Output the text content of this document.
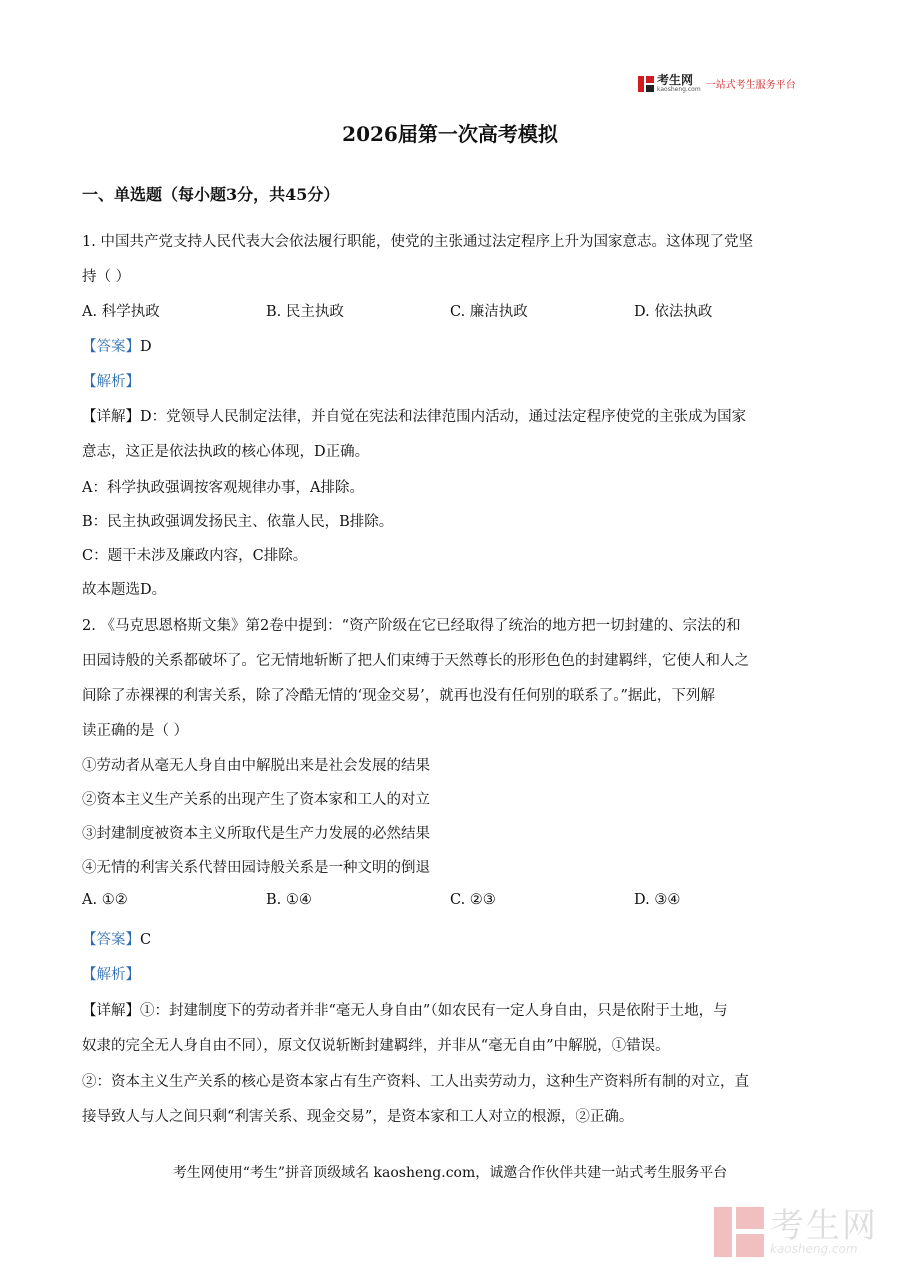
考生网
kaosheng.com 一站式考生服务平台
2026届第一次高考模拟
一、单选题（每小题3分，共45分）
1. 中国共产党支持人民代表大会依法履行职能，使党的主张通过法定程序上升为国家意志。这体现了党坚
持（ ）
A. 科学执政	B. 民主执政	C. 廉洁执政	D. 依法执政
【答案】D
【解析】
【详解】D：党领导人民制定法律，并自觉在宪法和法律范围内活动，通过法定程序使党的主张成为国家
意志，这正是依法执政的核心体现，D正确。
A：科学执政强调按客观规律办事，A排除。
B：民主执政强调发扬民主、依靠人民，B排除。
C：题干未涉及廉政内容，C排除。
故本题选D。
2. 《马克思恩格斯文集》第2卷中提到：“资产阶级在它已经取得了统治的地方把一切封建的、宗法的和
田园诗般的关系都破坏了。它无情地斩断了把人们束缚于天然尊长的形形色色的封建羁绊，它使人和人之
间除了赤裸裸的利害关系，除了冷酷无情的‘现金交易’，就再也没有任何别的联系了。”据此，下列解
读正确的是（ ）
①劳动者从毫无人身自由中解脱出来是社会发展的结果
②资本主义生产关系的出现产生了资本家和工人的对立
③封建制度被资本主义所取代是生产力发展的必然结果
④无情的利害关系代替田园诗般关系是一种文明的倒退
A. ①②	B. ①④	C. ②③	D. ③④
【答案】C
【解析】
【详解】①：封建制度下的劳动者并非“毫无人身自由”（如农民有一定人身自由，只是依附于土地，与
奴隶的完全无人身自由不同），原文仅说斩断封建羁绊，并非从“毫无自由”中解脱，①错误。
②：资本主义生产关系的核心是资本家占有生产资料、工人出卖劳动力，这种生产资料所有制的对立，直
接导致人与人之间只剩“利害关系、现金交易”，是资本家和工人对立的根源，②正确。
考生网使用“考生”拼音顶级域名 kaosheng.com，诚邀合作伙伴共建一站式考生服务平台
考生网
kaosheng.com
